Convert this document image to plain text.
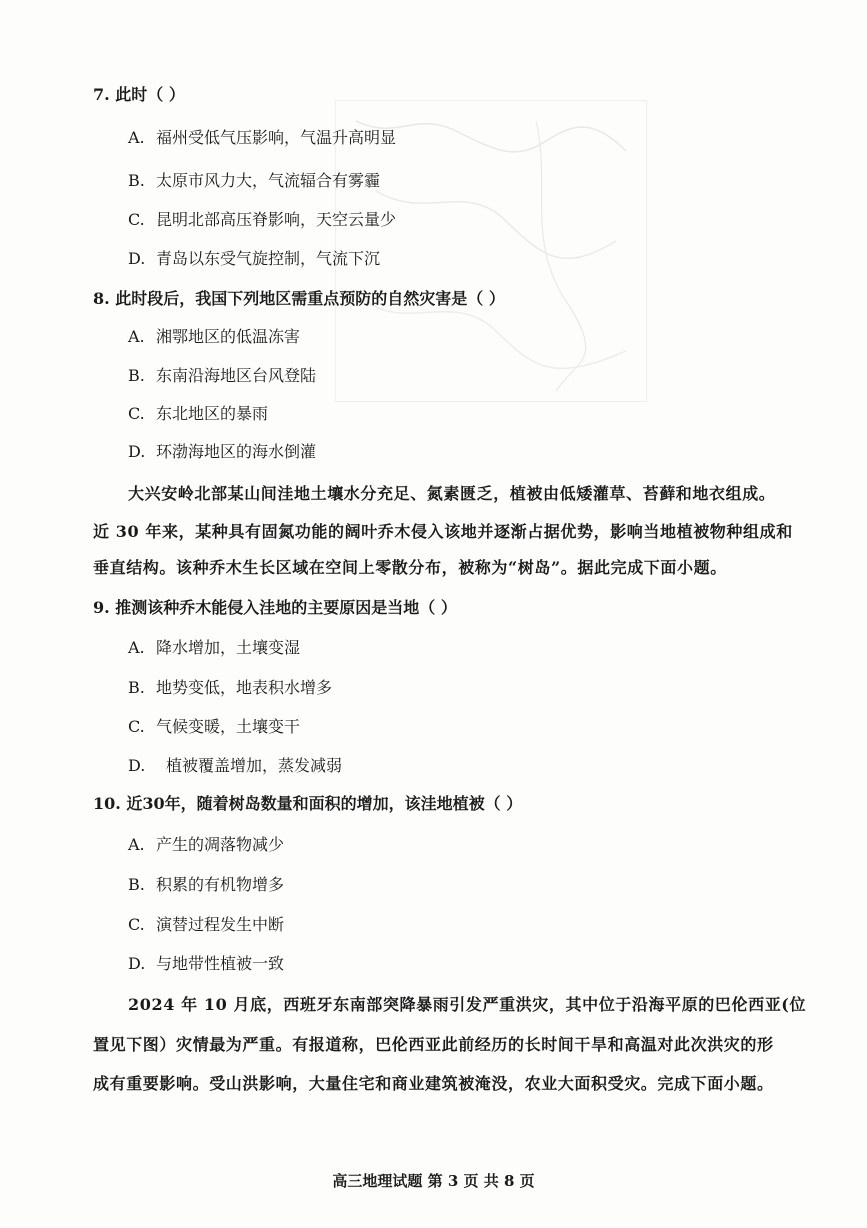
7. 此时（ ）
A. 福州受低气压影响，气温升高明显
B. 太原市风力大，气流辐合有雾霾
C. 昆明北部高压脊影响，天空云量少
D. 青岛以东受气旋控制，气流下沉
8. 此时段后，我国下列地区需重点预防的自然灾害是（ ）
A. 湘鄂地区的低温冻害
B. 东南沿海地区台风登陆
C. 东北地区的暴雨
D. 环渤海地区的海水倒灌
大兴安岭北部某山间洼地土壤水分充足、氮素匮乏，植被由低矮灌草、苔藓和地衣组成。
近 30 年来，某种具有固氮功能的阔叶乔木侵入该地并逐渐占据优势，影响当地植被物种组成和
垂直结构。该种乔木生长区域在空间上零散分布，被称为“树岛”。据此完成下面小题。
9. 推测该种乔木能侵入洼地的主要原因是当地（ ）
A. 降水增加，土壤变湿
B. 地势变低，地表积水增多
C. 气候变暖，土壤变干
D. 植被覆盖增加，蒸发减弱
10. 近30年，随着树岛数量和面积的增加，该洼地植被（ ）
A. 产生的凋落物减少
B. 积累的有机物增多
C. 演替过程发生中断
D. 与地带性植被一致
2024 年 10 月底，西班牙东南部突降暴雨引发严重洪灾，其中位于沿海平原的巴伦西亚(位
置见下图）灾情最为严重。有报道称，巴伦西亚此前经历的长时间干旱和高温对此次洪灾的形
成有重要影响。受山洪影响，大量住宅和商业建筑被淹没，农业大面积受灾。完成下面小题。
高三地理试题 第 3 页 共 8 页
